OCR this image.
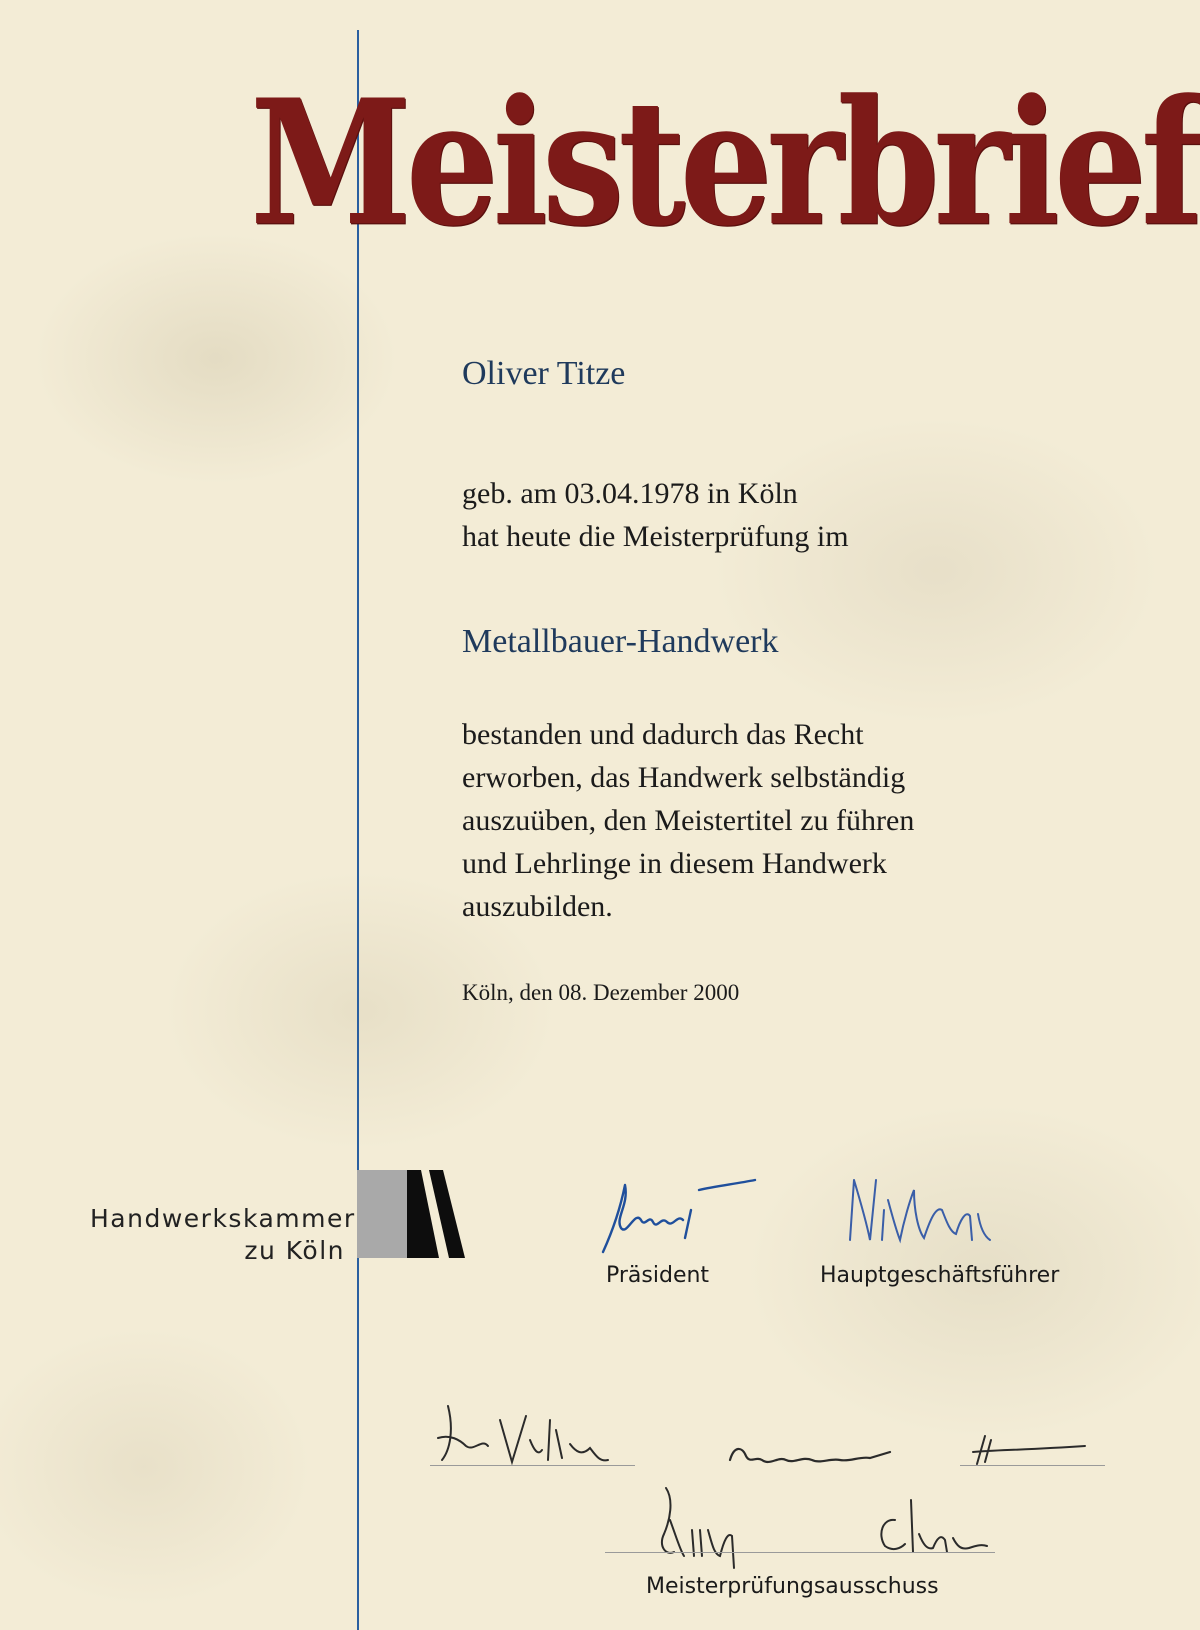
Meisterbrief
Oliver Titze
geb. am 03.04.1978 in Köln
hat heute die Meisterprüfung im
Metallbauer-Handwerk
bestanden und dadurch das Recht
erworben, das Handwerk selbständig
auszuüben, den Meistertitel zu führen
und Lehrlinge in diesem Handwerk
auszubilden.
Köln, den 08. Dezember 2000
Handwerkskammer
zu Köln
Präsident	Hauptgeschäftsführer
Meisterprüfungsausschuss
